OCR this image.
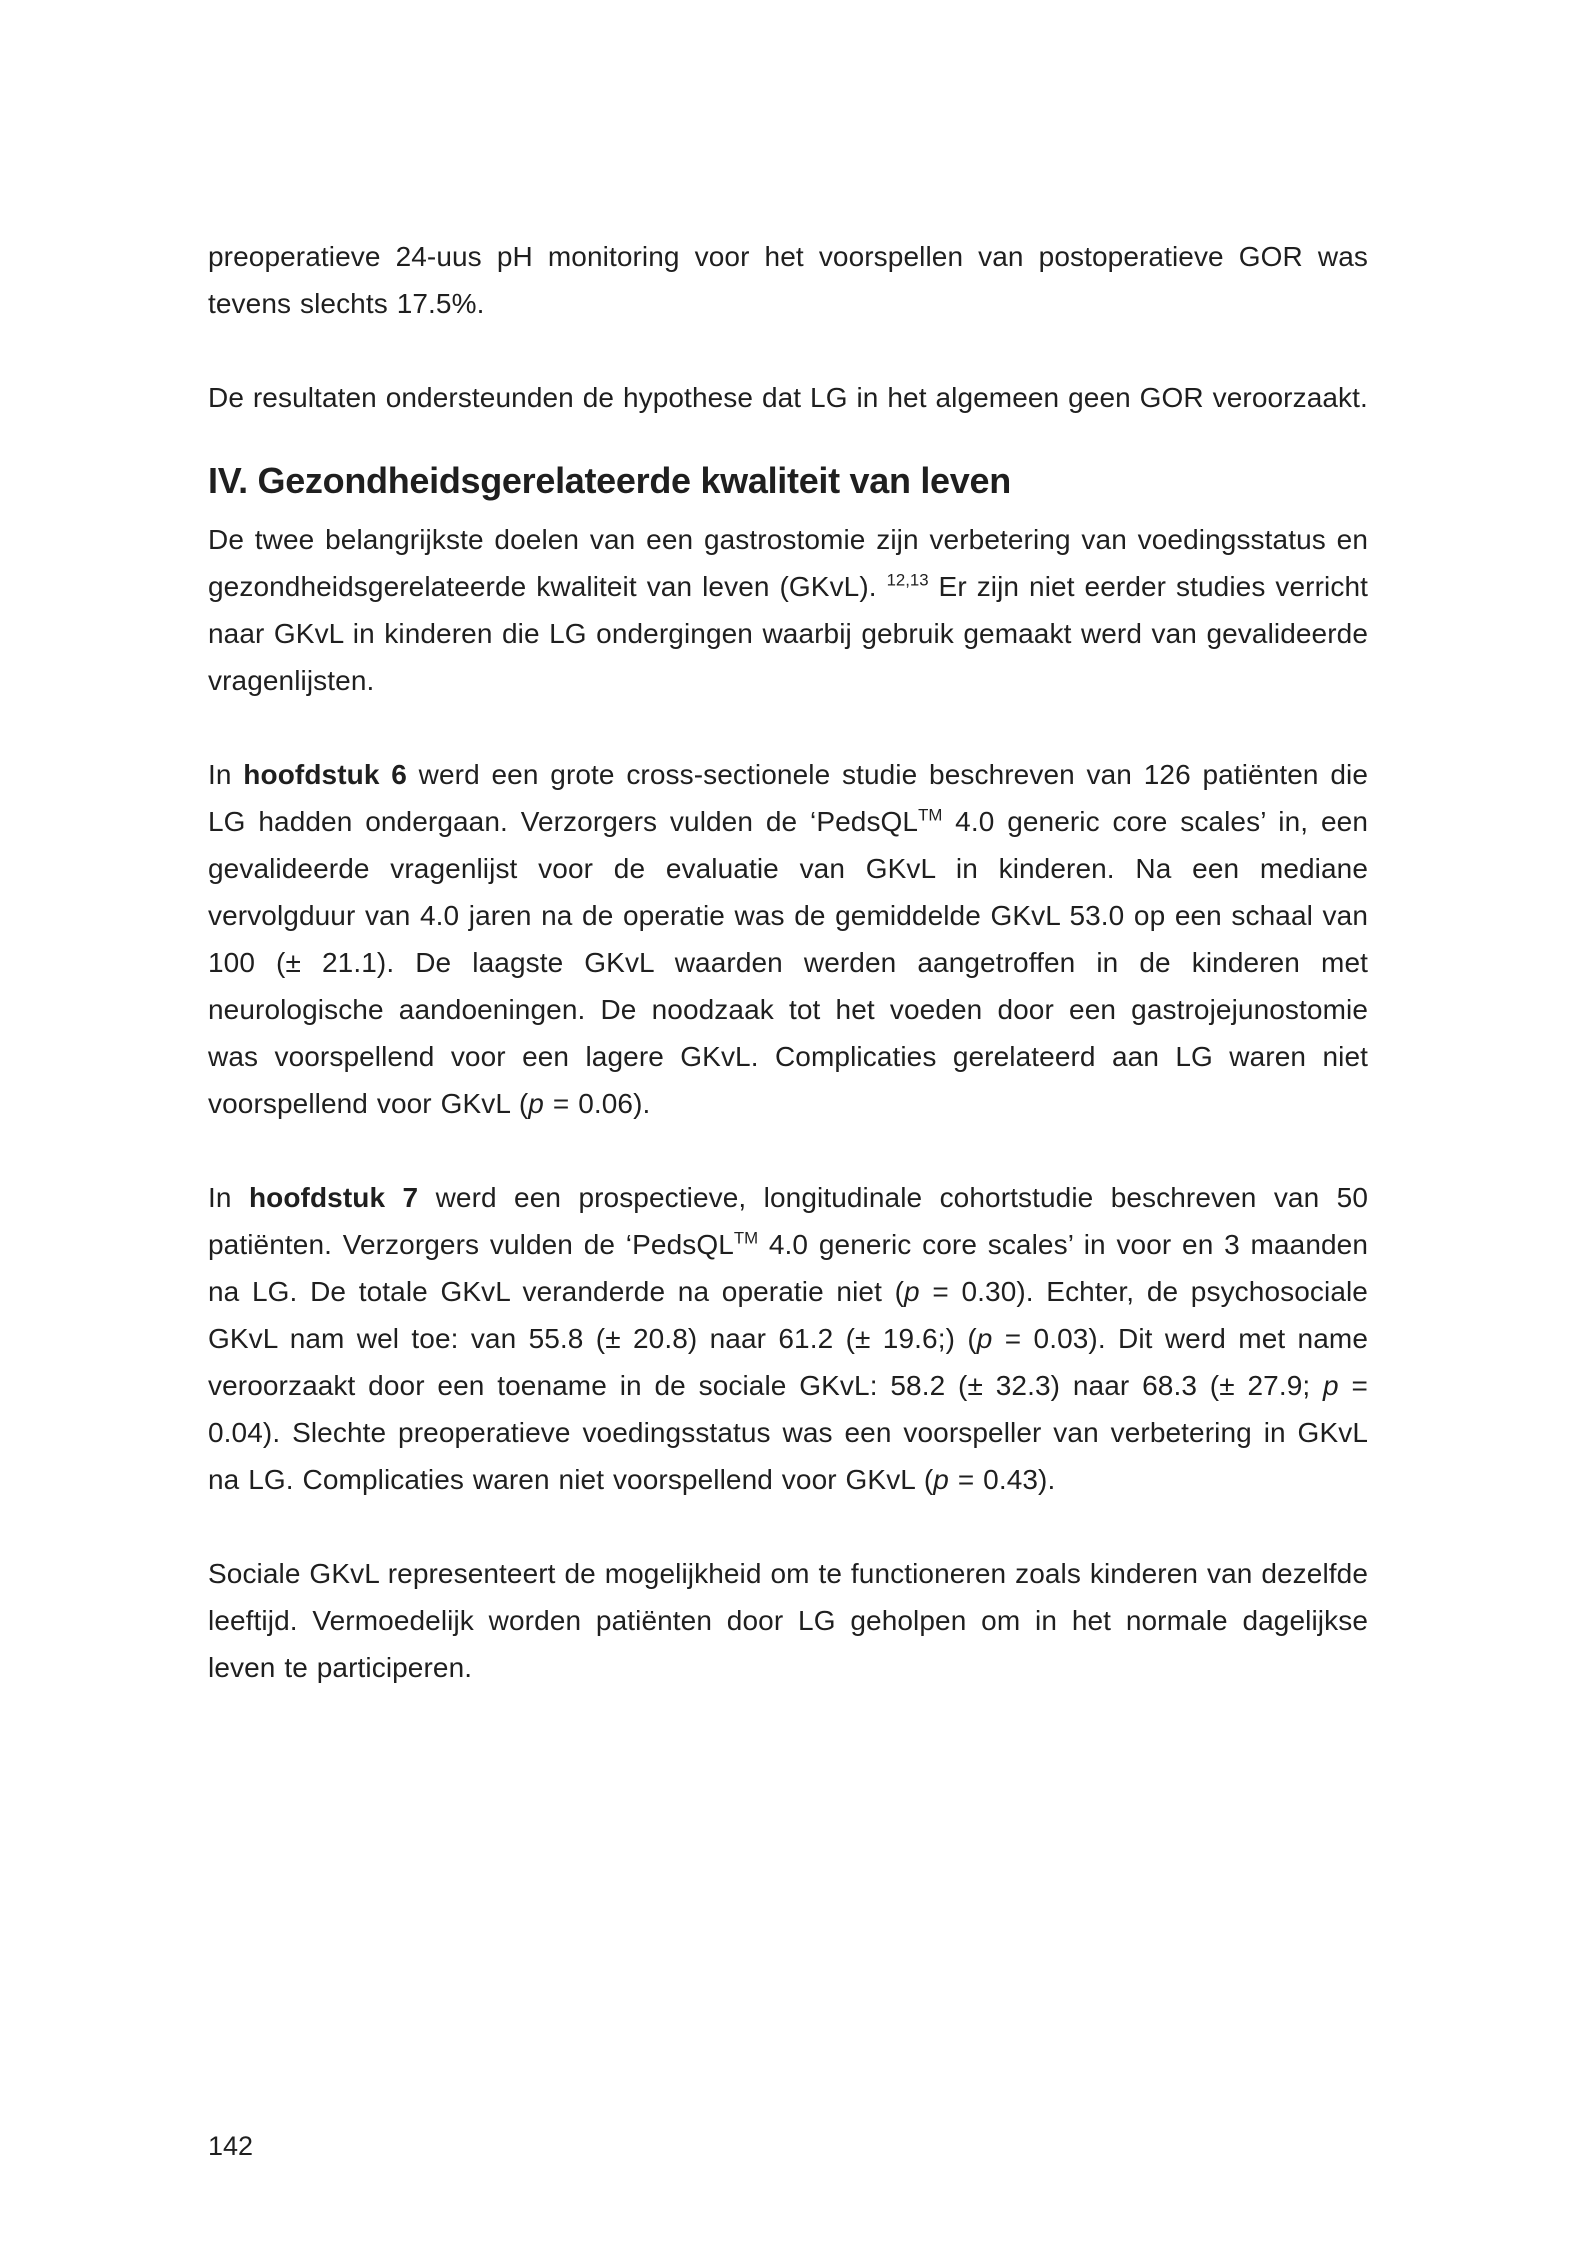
preoperatieve 24-uus pH monitoring voor het voorspellen van postoperatieve GOR was tevens slechts 17.5%.

De resultaten ondersteunden de hypothese dat LG in het algemeen geen GOR veroorzaakt.

IV. Gezondheidsgerelateerde kwaliteit van leven

De twee belangrijkste doelen van een gastrostomie zijn verbetering van voedingsstatus en gezondheidsgerelateerde kwaliteit van leven (GKvL). $^{12,13}$ Er zijn niet eerder studies verricht naar GKvL in kinderen die LG ondergingen waarbij gebruik gemaakt werd van gevalideerde vragenlijsten.

In hoofdstuk 6 werd een grote cross-sectionele studie beschreven van 126 patiënten die LG hadden ondergaan. Verzorgers vulden de ‘PedsQL™ 4.0 generic core scales’ in, een gevalideerde vragenlijst voor de evaluatie van GKvL in kinderen. Na een mediane vervolgduur van 4.0 jaren na de operatie was de gemiddelde GKvL 53.0 op een schaal van 100 (± 21.1). De laagste GKvL waarden werden aangetroffen in de kinderen met neurologische aandoeningen. De noodzaak tot het voeden door een gastrojejunostomie was voorspellend voor een lagere GKvL. Complicaties gerelateerd aan LG waren niet voorspellend voor GKvL (p = 0.06).

In hoofdstuk 7 werd een prospectieve, longitudinale cohortstudie beschreven van 50 patiënten. Verzorgers vulden de ‘PedsQL™ 4.0 generic core scales’ in voor en 3 maanden na LG. De totale GKvL veranderde na operatie niet (p = 0.30). Echter, de psychosociale GKvL nam wel toe: van 55.8 (± 20.8) naar 61.2 (± 19.6;) (p = 0.03). Dit werd met name veroorzaakt door een toename in de sociale GKvL: 58.2 (± 32.3) naar 68.3 (± 27.9; p = 0.04). Slechte preoperatieve voedingsstatus was een voorspeller van verbetering in GKvL na LG. Complicaties waren niet voorspellend voor GKvL (p = 0.43).

Sociale GKvL representeert de mogelijkheid om te functioneren zoals kinderen van dezelfde leeftijd. Vermoedelijk worden patiënten door LG geholpen om in het normale dagelijkse leven te participeren.

142
